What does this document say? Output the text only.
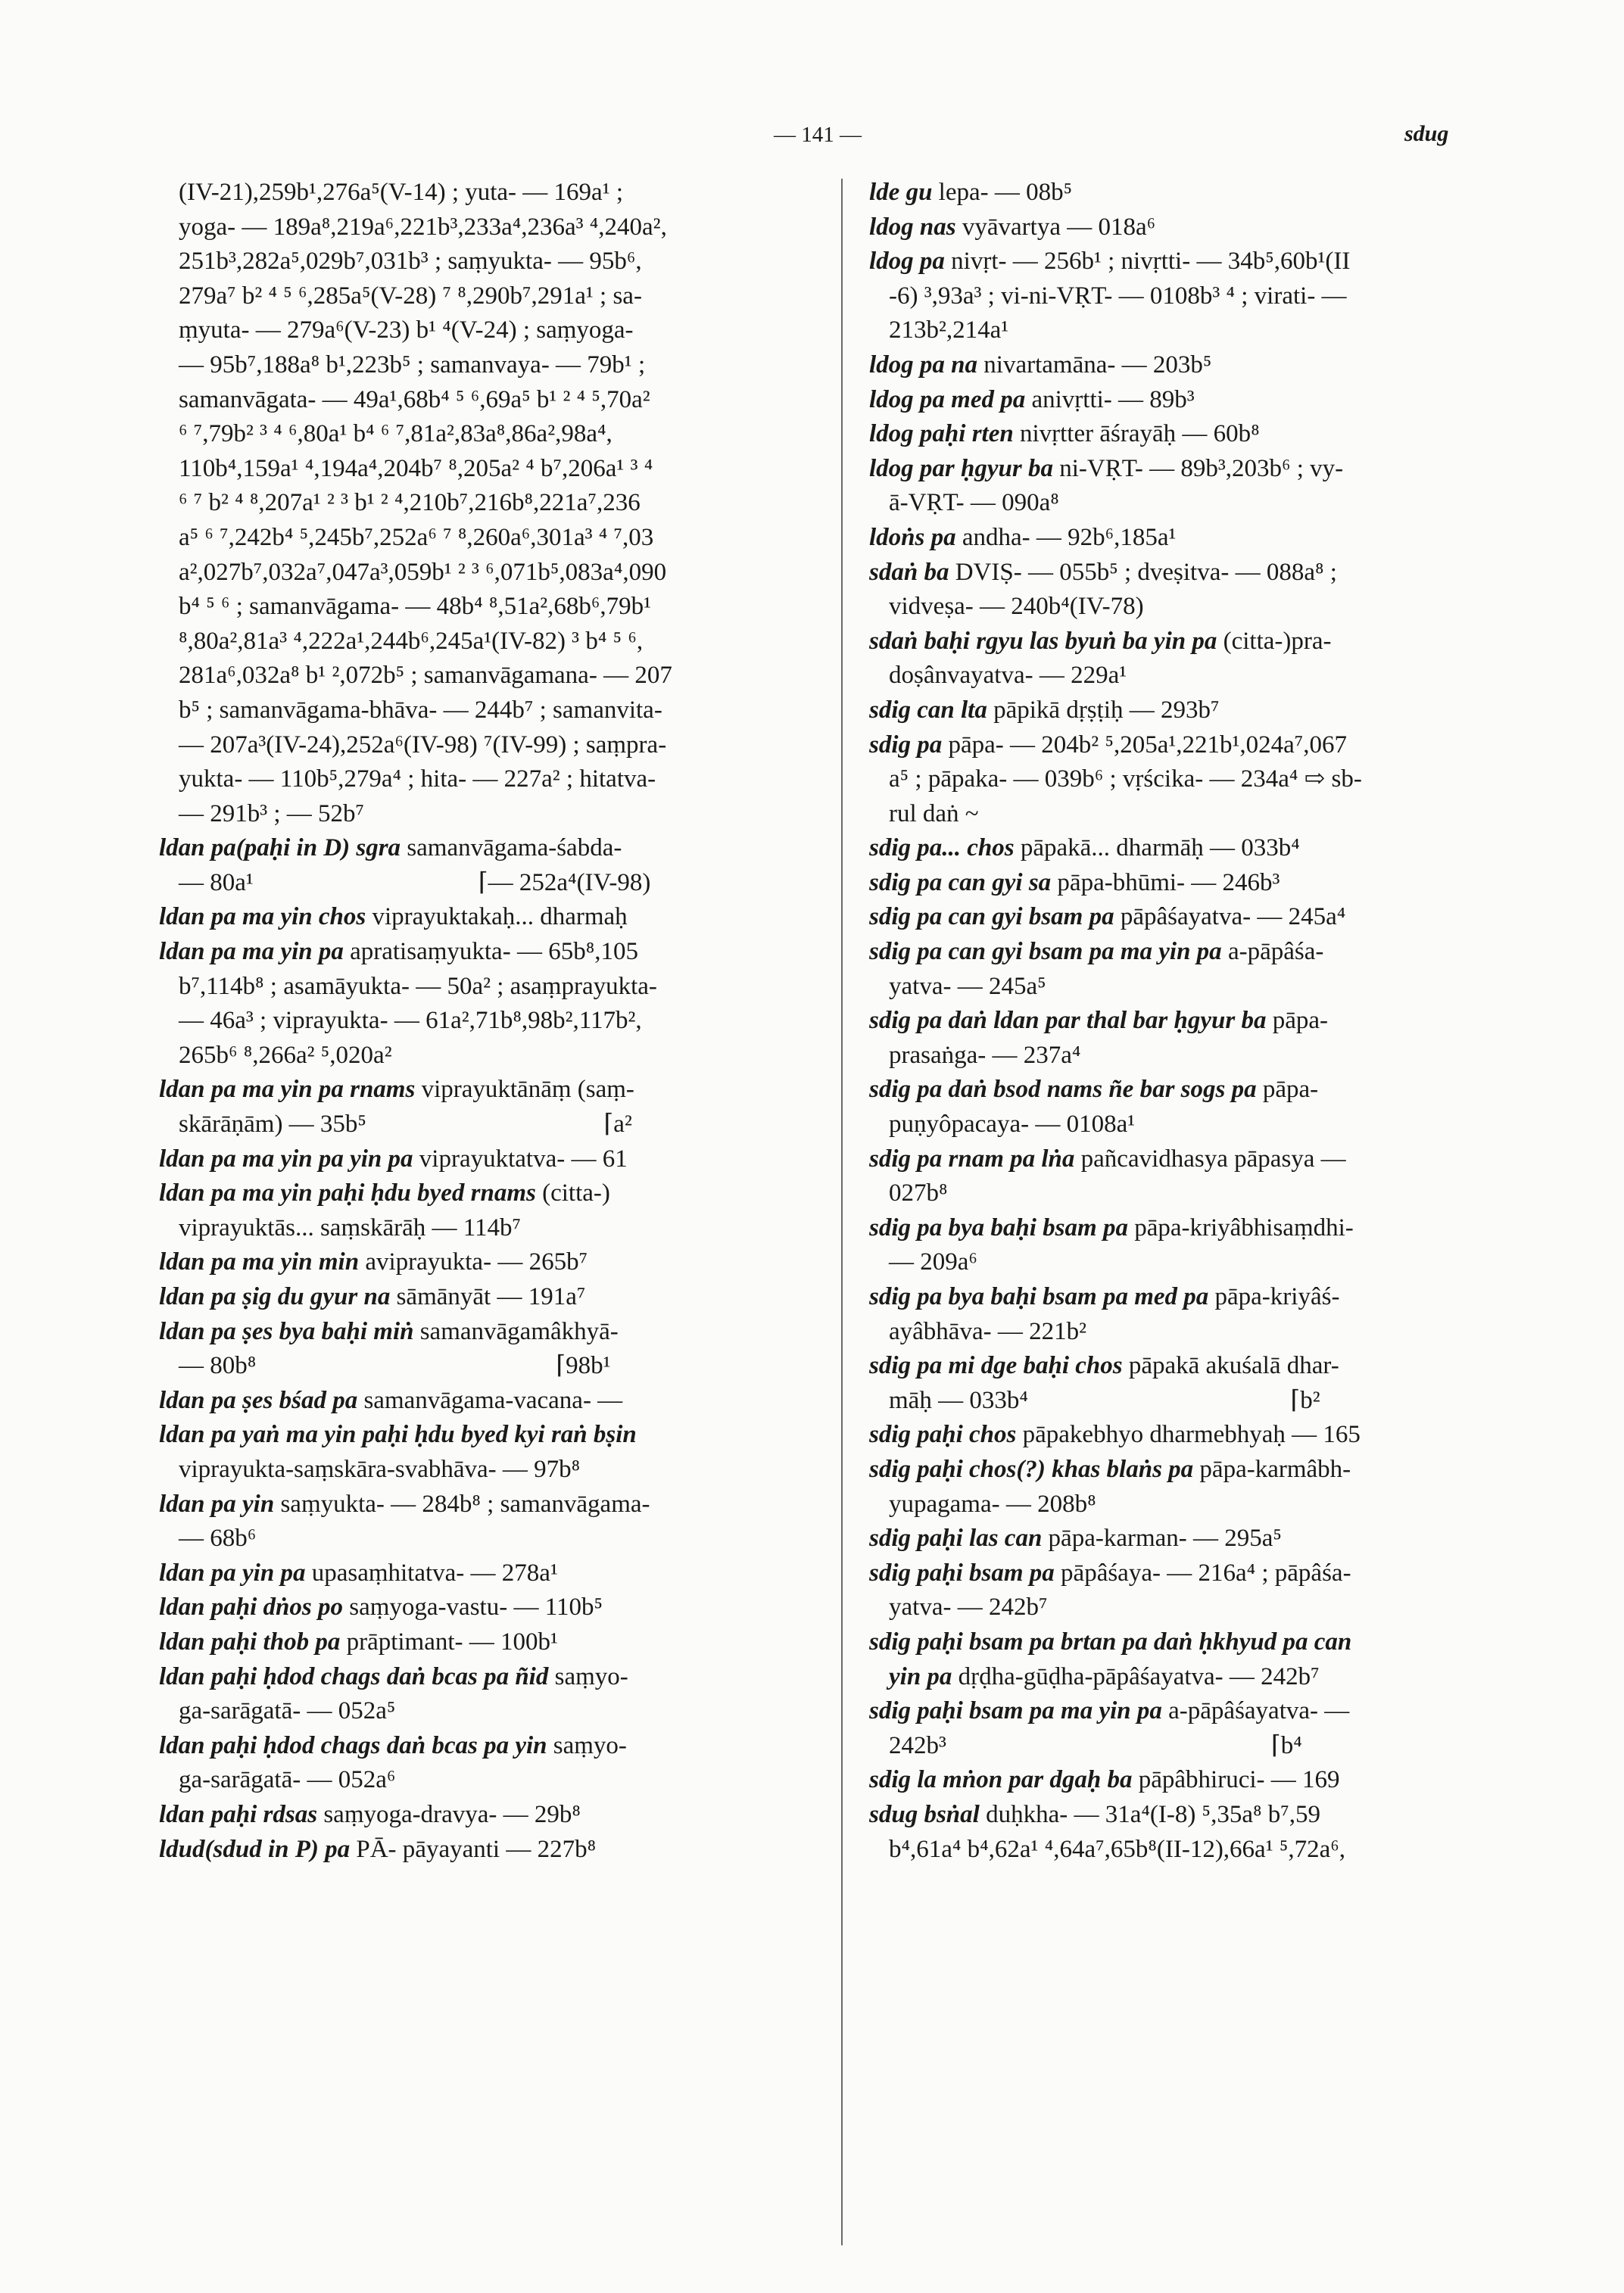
— 141 —	sdug
(IV-21),259b¹,276a⁵(V-14) ; yuta- — 169a¹ ;
yoga- — 189a⁸,219a⁶,221b³,233a⁴,236a³ ⁴,240a²,
251b³,282a⁵,029b⁷,031b³ ; saṃyukta- — 95b⁶,
279a⁷ b² ⁴ ⁵ ⁶,285a⁵(V-28) ⁷ ⁸,290b⁷,291a¹ ; sa-
ṃyuta- — 279a⁶(V-23) b¹ ⁴(V-24) ; saṃyoga-
— 95b⁷,188a⁸ b¹,223b⁵ ; samanvaya- — 79b¹ ;
samanvāgata- — 49a¹,68b⁴ ⁵ ⁶,69a⁵ b¹ ² ⁴ ⁵,70a²
⁶ ⁷,79b² ³ ⁴ ⁶,80a¹ b⁴ ⁶ ⁷,81a²,83a⁸,86a²,98a⁴,
110b⁴,159a¹ ⁴,194a⁴,204b⁷ ⁸,205a² ⁴ b⁷,206a¹ ³ ⁴
⁶ ⁷ b² ⁴ ⁸,207a¹ ² ³ b¹ ² ⁴,210b⁷,216b⁸,221a⁷,236
a⁵ ⁶ ⁷,242b⁴ ⁵,245b⁷,252a⁶ ⁷ ⁸,260a⁶,301a³ ⁴ ⁷,03
a²,027b⁷,032a⁷,047a³,059b¹ ² ³ ⁶,071b⁵,083a⁴,090
b⁴ ⁵ ⁶ ; samanvāgama- — 48b⁴ ⁸,51a²,68b⁶,79b¹
⁸,80a²,81a³ ⁴,222a¹,244b⁶,245a¹(IV-82) ³ b⁴ ⁵ ⁶,
281a⁶,032a⁸ b¹ ²,072b⁵ ; samanvāgamana- — 207
b⁵ ; samanvāgama-bhāva- — 244b⁷ ; samanvita-
— 207a³(IV-24),252a⁶(IV-98) ⁷(IV-99) ; saṃpra-
yukta- — 110b⁵,279a⁴ ; hita- — 227a² ; hitatva-
— 291b³ ; — 52b⁷
ldan pa(paḥi in D) sgra samanvāgama-śabda-
— 80a¹                                    ⌈— 252a⁴(IV-98)
ldan pa ma yin chos viprayuktakaḥ... dharmaḥ
ldan pa ma yin pa apratisaṃyukta- — 65b⁸,105
b⁷,114b⁸ ; asamāyukta- — 50a² ; asaṃprayukta-
— 46a³ ; viprayukta- — 61a²,71b⁸,98b²,117b²,
265b⁶ ⁸,266a² ⁵,020a²
ldan pa ma yin pa rnams viprayuktānāṃ (saṃ-
skārāṇām) — 35b⁵                                      ⌈a²
ldan pa ma yin pa yin pa viprayuktatva- — 61
ldan pa ma yin paḥi ḥdu byed rnams (citta-)
viprayuktās... saṃskārāḥ — 114b⁷
ldan pa ma yin min aviprayukta- — 265b⁷
ldan pa ṣig du gyur na sāmānyāt — 191a⁷
ldan pa ṣes bya baḥi miṅ samanvāgamâkhyā-
— 80b⁸                                                ⌈98b¹
ldan pa ṣes bśad pa samanvāgama-vacana- —
ldan pa yaṅ ma yin paḥi ḥdu byed kyi raṅ bṣin
viprayukta-saṃskāra-svabhāva- — 97b⁸
ldan pa yin saṃyukta- — 284b⁸ ; samanvāgama-
— 68b⁶
ldan pa yin pa upasaṃhitatva- — 278a¹
ldan paḥi dṅos po saṃyoga-vastu- — 110b⁵
ldan paḥi thob pa prāptimant- — 100b¹
ldan paḥi ḥdod chags daṅ bcas pa ñid saṃyo-
ga-sarāgatā- — 052a⁵
ldan paḥi ḥdod chags daṅ bcas pa yin saṃyo-
ga-sarāgatā- — 052a⁶
ldan paḥi rdsas saṃyoga-dravya- — 29b⁸
ldud(sdud in P) pa PĀ- pāyayanti — 227b⁸
lde gu lepa- — 08b⁵
ldog nas vyāvartya — 018a⁶
ldog pa nivṛt- — 256b¹ ; nivṛtti- — 34b⁵,60b¹(II
-6) ³,93a³ ; vi-ni-VṚT- — 0108b³ ⁴ ; virati- —
213b²,214a¹
ldog pa na nivartamāna- — 203b⁵
ldog pa med pa anivṛtti- — 89b³
ldog paḥi rten nivṛtter āśrayāḥ — 60b⁸
ldog par ḥgyur ba ni-VṚT- — 89b³,203b⁶ ; vy-
ā-VṚT- — 090a⁸
ldoṅs pa andha- — 92b⁶,185a¹
sdaṅ ba DVIṢ- — 055b⁵ ; dveṣitva- — 088a⁸ ;
vidveṣa- — 240b⁴(IV-78)
sdaṅ baḥi rgyu las byuṅ ba yin pa (citta-)pra-
doṣânvayatva- — 229a¹
sdig can lta pāpikā dṛṣṭiḥ — 293b⁷
sdig pa pāpa- — 204b² ⁵,205a¹,221b¹,024a⁷,067
a⁵ ; pāpaka- — 039b⁶ ; vṛścika- — 234a⁴ ⇨ sb-
rul daṅ ~
sdig pa... chos pāpakā... dharmāḥ — 033b⁴
sdig pa can gyi sa pāpa-bhūmi- — 246b³
sdig pa can gyi bsam pa pāpâśayatva- — 245a⁴
sdig pa can gyi bsam pa ma yin pa a-pāpâśa-
yatva- — 245a⁵
sdig pa daṅ ldan par thal bar ḥgyur ba pāpa-
prasaṅga- — 237a⁴
sdig pa daṅ bsod nams ñe bar sogs pa pāpa-
puṇyôpacaya- — 0108a¹
sdig pa rnam pa lṅa pañcavidhasya pāpasya —
027b⁸
sdig pa bya baḥi bsam pa pāpa-kriyâbhisaṃdhi-
— 209a⁶
sdig pa bya baḥi bsam pa med pa pāpa-kriyâś-
ayâbhāva- — 221b²
sdig pa mi dge baḥi chos pāpakā akuśalā dhar-
māḥ — 033b⁴                                          ⌈b²
sdig paḥi chos pāpakebhyo dharmebhyaḥ — 165
sdig paḥi chos(?) khas blaṅs pa pāpa-karmâbh-
yupagama- — 208b⁸
sdig paḥi las can pāpa-karman- — 295a⁵
sdig paḥi bsam pa pāpâśaya- — 216a⁴ ; pāpâśa-
yatva- — 242b⁷
sdig paḥi bsam pa brtan pa daṅ ḥkhyud pa can
yin pa dṛḍha-gūḍha-pāpâśayatva- — 242b⁷
sdig paḥi bsam pa ma yin pa a-pāpâśayatva- —
242b³                                                    ⌈b⁴
sdig la mṅon par dgaḥ ba pāpâbhiruci- — 169
sdug bsṅal duḥkha- — 31a⁴(I-8) ⁵,35a⁸ b⁷,59
b⁴,61a⁴ b⁴,62a¹ ⁴,64a⁷,65b⁸(II-12),66a¹ ⁵,72a⁶,
